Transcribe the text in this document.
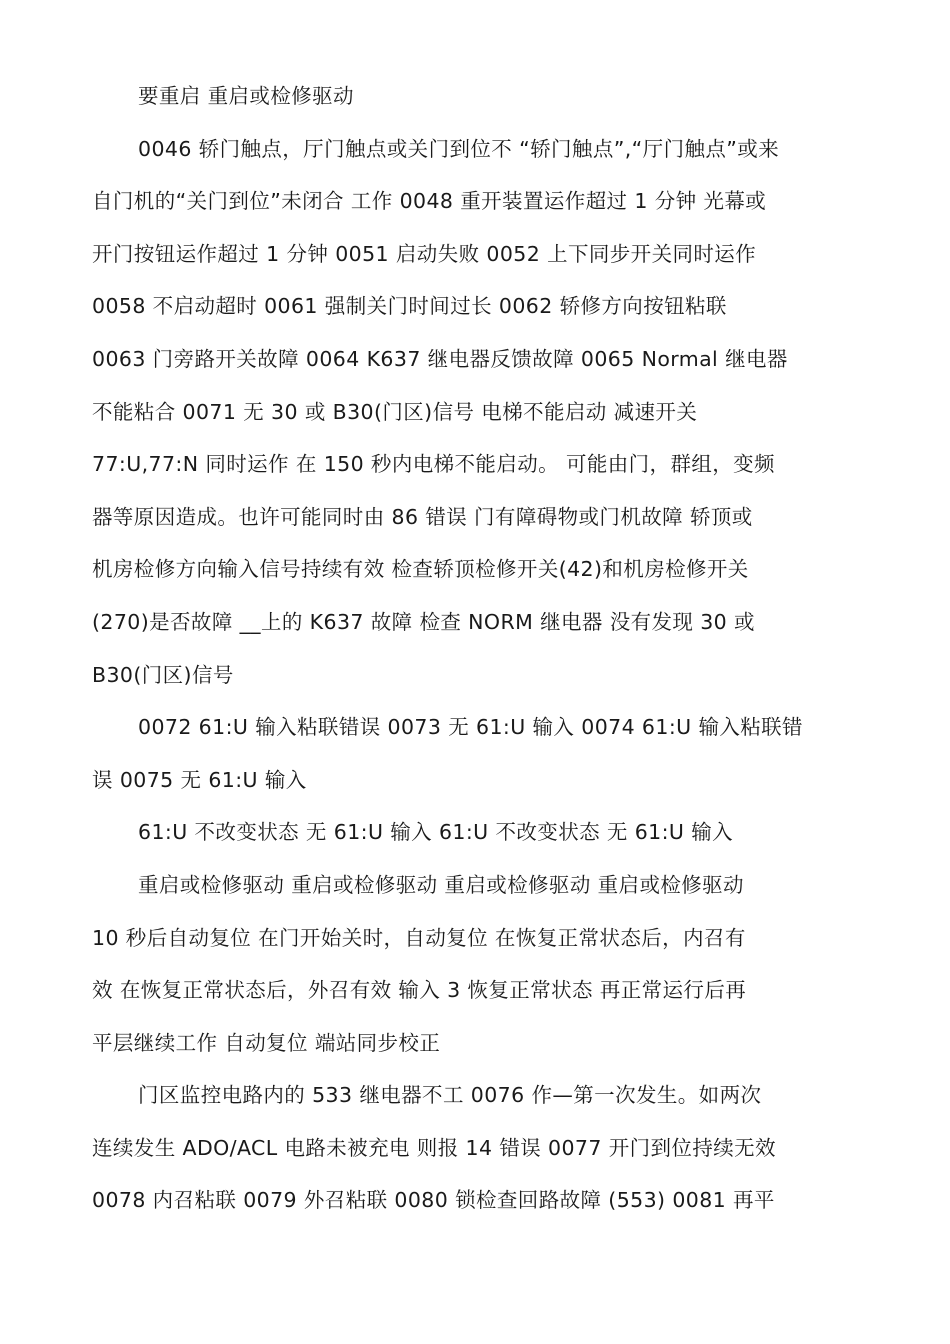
要重启 重启或检修驱动

0046 轿门触点，厅门触点或关门到位不 “轿门触点”,“厅门触点”或来
自门机的“关门到位”未闭合 工作 0048 重开装置运作超过 1 分钟 光幕或
开门按钮运作超过 1 分钟 0051 启动失败 0052 上下同步开关同时运作
0058 不启动超时 0061 强制关门时间过长 0062 轿修方向按钮粘联
0063 门旁路开关故障 0064 K637 继电器反馈故障 0065 Normal 继电器
不能粘合 0071 无 30 或 B30(门区)信号 电梯不能启动 减速开关
77:U,77:N 同时运作 在 150 秒内电梯不能启动。 可能由门，群组，变频
器等原因造成。也许可能同时由 86 错误 门有障碍物或门机故障 轿顶或
机房检修方向输入信号持续有效 检查轿顶检修开关(42)和机房检修开关
(270)是否故障 __上的 K637 故障 检查 NORM 继电器 没有发现 30 或
B30(门区)信号

0072 61:U 输入粘联错误 0073 无 61:U 输入 0074 61:U 输入粘联错
误 0075 无 61:U 输入

61:U 不改变状态 无 61:U 输入 61:U 不改变状态 无 61:U 输入

重启或检修驱动 重启或检修驱动 重启或检修驱动 重启或检修驱动
10 秒后自动复位 在门开始关时，自动复位 在恢复正常状态后，内召有
效 在恢复正常状态后，外召有效 输入 3 恢复正常状态 再正常运行后再
平层继续工作 自动复位 端站同步校正

门区监控电路内的 533 继电器不工 0076 作—第一次发生。如两次
连续发生 ADO/ACL 电路未被充电 则报 14 错误 0077 开门到位持续无效
0078 内召粘联 0079 外召粘联 0080 锁检查回路故障 (553) 0081 再平
